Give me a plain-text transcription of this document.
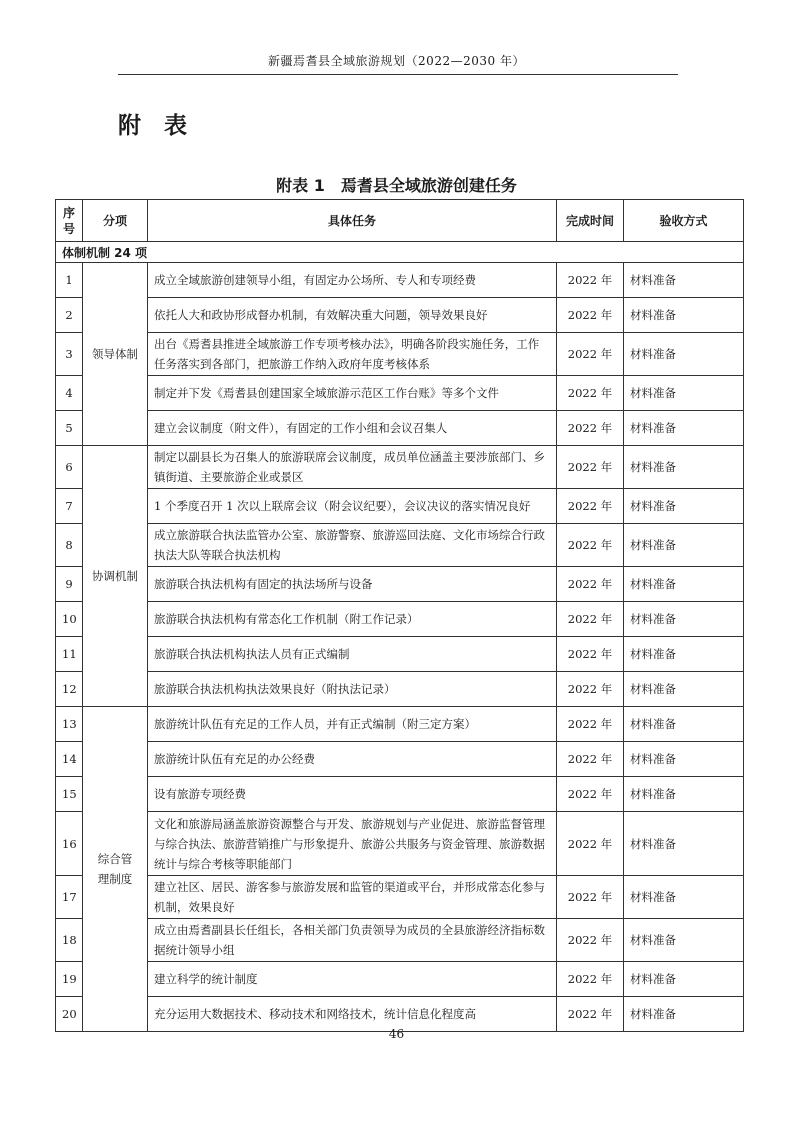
新疆焉耆县全域旅游规划（2022—2030 年）
附　表
附表 1　焉耆县全域旅游创建任务
序号	分项	具体任务	完成时间	验收方式
体制机制 24 项				
1	领导体制	成立全域旅游创建领导小组，有固定办公场所、专人和专项经费	2022 年	材料准备
2		依托人大和政协形成督办机制，有效解决重大问题，领导效果良好	2022 年	材料准备
3		出台《焉耆县推进全域旅游工作专项考核办法》，明确各阶段实施任务，工作任务落实到各部门，把旅游工作纳入政府年度考核体系	2022 年	材料准备
4		制定并下发《焉耆县创建国家全域旅游示范区工作台账》等多个文件	2022 年	材料准备
5		建立会议制度（附文件），有固定的工作小组和会议召集人	2022 年	材料准备
6	协调机制	制定以副县长为召集人的旅游联席会议制度，成员单位涵盖主要涉旅部门、乡镇街道、主要旅游企业或景区	2022 年	材料准备
7		1 个季度召开 1 次以上联席会议（附会议纪要），会议决议的落实情况良好	2022 年	材料准备
8		成立旅游联合执法监管办公室、旅游警察、旅游巡回法庭、文化市场综合行政执法大队等联合执法机构	2022 年	材料准备
9		旅游联合执法机构有固定的执法场所与设备	2022 年	材料准备
10		旅游联合执法机构有常态化工作机制（附工作记录）	2022 年	材料准备
11		旅游联合执法机构执法人员有正式编制	2022 年	材料准备
12		旅游联合执法机构执法效果良好（附执法记录）	2022 年	材料准备
13	综合管理制度	旅游统计队伍有充足的工作人员，并有正式编制（附三定方案）	2022 年	材料准备
14		旅游统计队伍有充足的办公经费	2022 年	材料准备
15		设有旅游专项经费	2022 年	材料准备
16		文化和旅游局涵盖旅游资源整合与开发、旅游规划与产业促进、旅游监督管理与综合执法、旅游营销推广与形象提升、旅游公共服务与资金管理、旅游数据统计与综合考核等职能部门	2022 年	材料准备
17		建立社区、居民、游客参与旅游发展和监管的渠道或平台，并形成常态化参与机制，效果良好	2022 年	材料准备
18		成立由焉耆副县长任组长，各相关部门负责领导为成员的全县旅游经济指标数据统计领导小组	2022 年	材料准备
19		建立科学的统计制度	2022 年	材料准备
20		充分运用大数据技术、移动技术和网络技术，统计信息化程度高	2022 年	材料准备
46
